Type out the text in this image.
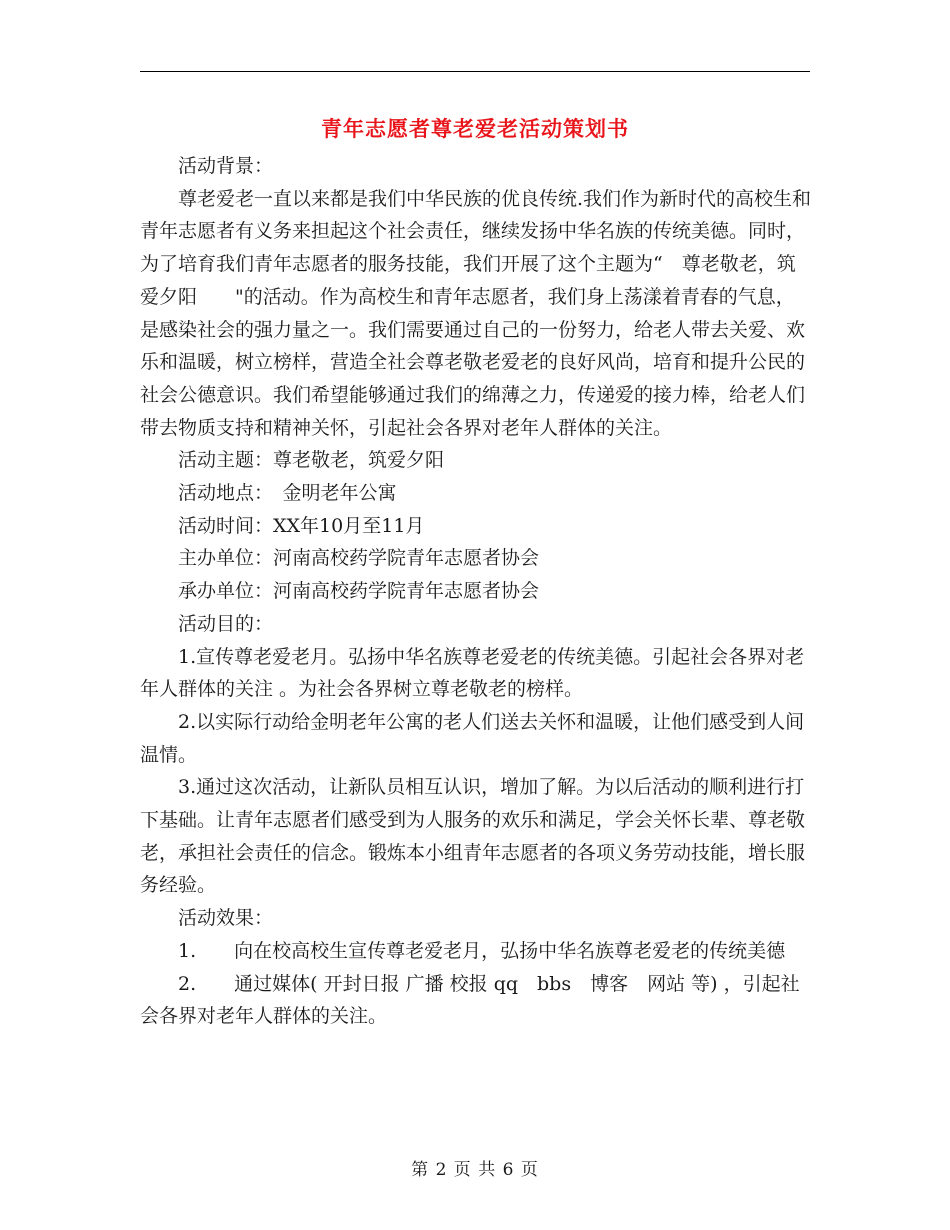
青年志愿者尊老爱老活动策划书

活动背景：

尊老爱老一直以来都是我们中华民族的优良传统.我们作为新时代的高校生和青年志愿者有义务来担起这个社会责任，继续发扬中华名族的传统美德。同时，为了培育我们青年志愿者的服务技能，我们开展了这个主题为“　尊老敬老，筑爱夕阳　　"的活动。作为高校生和青年志愿者，我们身上荡漾着青春的气息，是感染社会的强力量之一。我们需要通过自己的一份努力，给老人带去关爱、欢乐和温暖，树立榜样，营造全社会尊老敬老爱老的良好风尚，培育和提升公民的社会公德意识。我们希望能够通过我们的绵薄之力，传递爱的接力棒，给老人们带去物质支持和精神关怀，引起社会各界对老年人群体的关注。

活动主题：尊老敬老，筑爱夕阳

活动地点：　金明老年公寓

活动时间：XX年10月至11月

主办单位：河南高校药学院青年志愿者协会

承办单位：河南高校药学院青年志愿者协会

活动目的：

1.宣传尊老爱老月。弘扬中华名族尊老爱老的传统美德。引起社会各界对老年人群体的关注 。为社会各界树立尊老敬老的榜样。

2.以实际行动给金明老年公寓的老人们送去关怀和温暖，让他们感受到人间温情。

3.通过这次活动，让新队员相互认识，增加了解。为以后活动的顺利进行打下基础。让青年志愿者们感受到为人服务的欢乐和满足，学会关怀长辈、尊老敬老，承担社会责任的信念。锻炼本小组青年志愿者的各项义务劳动技能，增长服务经验。

活动效果：

1.　　向在校高校生宣传尊老爱老月，弘扬中华名族尊老爱老的传统美德

2.　　通过媒体( 开封日报 广播 校报 qq　bbs　博客　网站 等) ，引起社会各界对老年人群体的关注。

第 2 页 共 6 页
